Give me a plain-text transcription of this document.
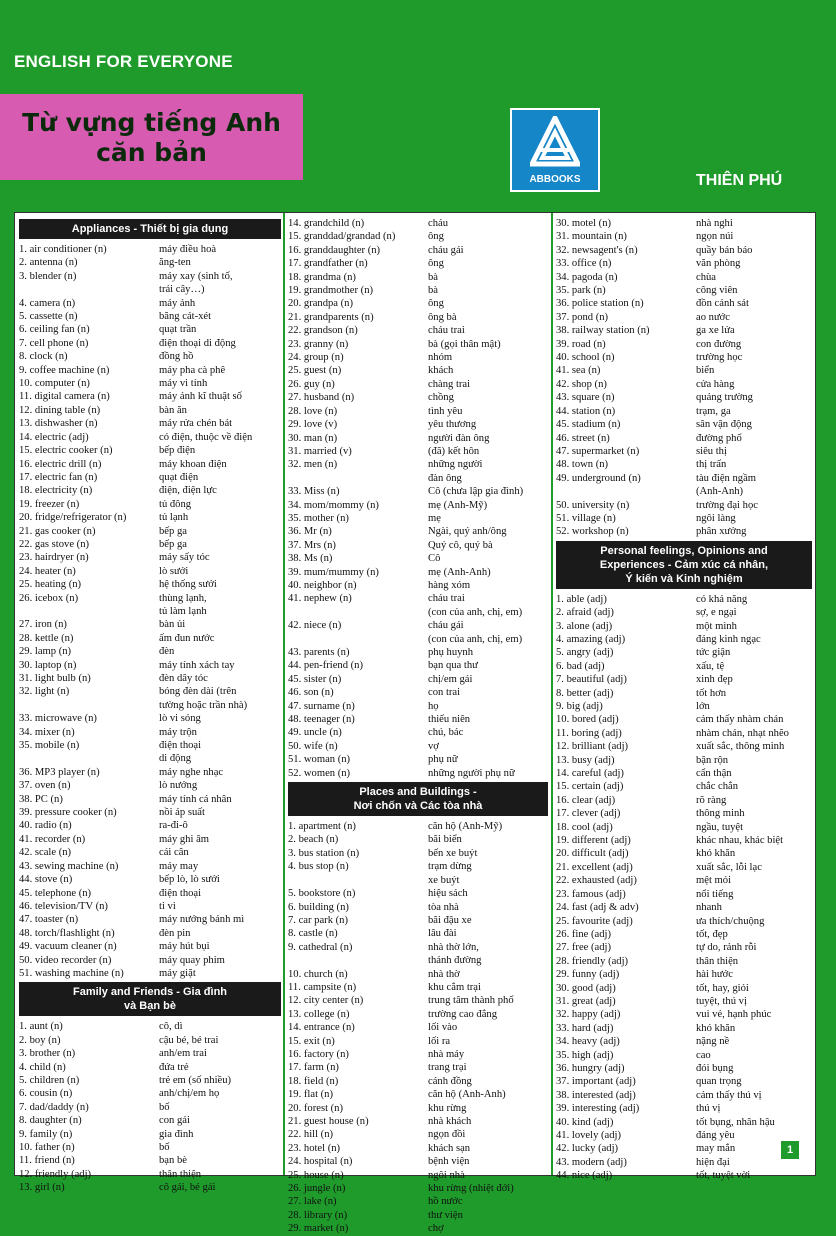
ENGLISH FOR EVERYONE
Từ vựng tiếng Anh
căn bản
ABBOOKS	THIÊN PHÚ
Appliances - Thiết bị gia dụng
1. air conditioner (n)	máy điều hoà
2. antenna (n)	ăng-ten
3. blender (n)	máy xay (sinh tố,
trái cây…)
4. camera (n)	máy ảnh
5. cassette (n)	băng cát-xét
6. ceiling fan (n)	quạt trần
7. cell phone (n)	điện thoại di động
8. clock (n)	đồng hồ
9. coffee machine (n)	máy pha cà phê
10. computer (n)	máy vi tính
11. digital camera (n)	máy ảnh kĩ thuật số
12. dining table (n)	bàn ăn
13. dishwasher (n)	máy rửa chén bát
14. electric (adj)	có điện, thuộc về điện
15. electric cooker (n)	bếp điện
16. electric drill (n)	máy khoan điện
17. electric fan (n)	quạt điện
18. electricity (n)	điện, điện lực
19. freezer (n)	tủ đông
20. fridge/refrigerator (n)	tủ lạnh
21. gas cooker (n)	bếp ga
22. gas stove (n)	bếp ga
23. hairdryer (n)	máy sấy tóc
24. heater (n)	lò sưởi
25. heating (n)	hệ thống sưởi
26. icebox (n)	thùng lạnh,
tủ làm lạnh
27. iron (n)	bàn ủi
28. kettle (n)	ấm đun nước
29. lamp (n)	đèn
30. laptop (n)	máy tính xách tay
31. light bulb (n)	đèn dây tóc
32. light (n)	bóng đèn dài (trên
tường hoặc trần nhà)
33. microwave (n)	lò vi sóng
34. mixer (n)	máy trộn
35. mobile (n)	điện thoại
di động
36. MP3 player (n)	máy nghe nhạc
37. oven (n)	lò nướng
38. PC (n)	máy tính cá nhân
39. pressure cooker (n)	nồi áp suất
40. radio (n)	ra-đi-ô
41. recorder (n)	máy ghi âm
42. scale (n)	cái cân
43. sewing machine (n)	máy may
44. stove (n)	bếp lò, lò sưởi
45. telephone (n)	điện thoại
46. television/TV (n)	ti vi
47. toaster (n)	máy nướng bánh mì
48. torch/flashlight (n)	đèn pin
49. vacuum cleaner (n)	máy hút bụi
50. video recorder (n)	máy quay phim
51. washing machine (n)	máy giặt
Family and Friends - Gia đình
và Bạn bè
1. aunt (n)	cô, dì
2. boy (n)	cậu bé, bé trai
3. brother (n)	anh/em trai
4. child (n)	đứa trẻ
5. children (n)	trẻ em (số nhiều)
6. cousin (n)	anh/chị/em họ
7. dad/daddy (n)	bố
8. daughter (n)	con gái
9. family (n)	gia đình
10. father (n)	bố
11. friend (n)	bạn bè
12. friendly (adj)	thân thiện
13. girl (n)	cô gái, bé gái
14. grandchild (n)	cháu
15. granddad/grandad (n)	ông
16. granddaughter (n)	cháu gái
17. grandfather (n)	ông
18. grandma (n)	bà
19. grandmother (n)	bà
20. grandpa (n)	ông
21. grandparents (n)	ông bà
22. grandson (n)	cháu trai
23. granny (n)	bà (gọi thân mật)
24. group (n)	nhóm
25. guest (n)	khách
26. guy (n)	chàng trai
27. husband (n)	chồng
28. love (n)	tình yêu
29. love (v)	yêu thương
30. man (n)	người đàn ông
31. married (v)	(đã) kết hôn
32. men (n)	những người
đàn ông
33. Miss (n)	Cô (chưa lập gia đình)
34. mom/mommy (n)	mẹ (Anh-Mỹ)
35. mother (n)	mẹ
36. Mr (n)	Ngài, quý anh/ông
37. Mrs (n)	Quý cô, quý bà
38. Ms (n)	Cô
39. mum/mummy (n)	mẹ (Anh-Anh)
40. neighbor (n)	hàng xóm
41. nephew (n)	cháu trai
(con của anh, chị, em)
42. niece (n)	cháu gái
(con của anh, chị, em)
43. parents (n)	phụ huynh
44. pen-friend (n)	bạn qua thư
45. sister (n)	chị/em gái
46. son (n)	con trai
47. surname (n)	họ
48. teenager (n)	thiếu niên
49. uncle (n)	chú, bác
50. wife (n)	vợ
51. woman (n)	phụ nữ
52. women (n)	những người phụ nữ
Places and Buildings -
Nơi chốn và Các tòa nhà
1. apartment (n)	căn hộ (Anh-Mỹ)
2. beach (n)	bãi biển
3. bus station (n)	bến xe buýt
4. bus stop (n)	trạm dừng
xe buýt
5. bookstore (n)	hiệu sách
6. building (n)	tòa nhà
7. car park (n)	bãi đậu xe
8. castle (n)	lâu đài
9. cathedral (n)	nhà thờ lớn,
thánh đường
10. church (n)	nhà thờ
11. campsite (n)	khu cắm trại
12. city center (n)	trung tâm thành phố
13. college (n)	trường cao đẳng
14. entrance (n)	lối vào
15. exit (n)	lối ra
16. factory (n)	nhà máy
17. farm (n)	trang trại
18. field (n)	cánh đồng
19. flat (n)	căn hộ (Anh-Anh)
20. forest (n)	khu rừng
21. guest house (n)	nhà khách
22. hill (n)	ngọn đồi
23. hotel (n)	khách sạn
24. hospital (n)	bệnh viện
25. house (n)	ngôi nhà
26. jungle (n)	khu rừng (nhiệt đới)
27. lake (n)	hồ nước
28. library (n)	thư viện
29. market (n)	chợ
30. motel (n)	nhà nghỉ
31. mountain (n)	ngọn núi
32. newsagent's (n)	quầy bán báo
33. office (n)	văn phòng
34. pagoda (n)	chùa
35. park (n)	công viên
36. police station (n)	đồn cảnh sát
37. pond (n)	ao nước
38. railway station (n)	ga xe lửa
39. road (n)	con đường
40. school (n)	trường học
41. sea (n)	biển
42. shop (n)	cửa hàng
43. square (n)	quảng trường
44. station (n)	trạm, ga
45. stadium (n)	sân vận động
46. street (n)	đường phố
47. supermarket (n)	siêu thị
48. town (n)	thị trấn
49. underground (n)	tàu điện ngầm
(Anh-Anh)
50. university (n)	trường đại học
51. village (n)	ngôi làng
52. workshop (n)	phân xưởng
Personal feelings, Opinions and
Experiences - Cảm xúc cá nhân,
Ý kiến và Kinh nghiệm
1. able (adj)	có khả năng
2. afraid (adj)	sợ, e ngại
3. alone (adj)	một mình
4. amazing (adj)	đáng kinh ngạc
5. angry (adj)	tức giận
6. bad (adj)	xấu, tệ
7. beautiful (adj)	xinh đẹp
8. better (adj)	tốt hơn
9. big (adj)	lớn
10. bored (adj)	cảm thấy nhàm chán
11. boring (adj)	nhàm chán, nhạt nhẽo
12. brilliant (adj)	xuất sắc, thông minh
13. busy (adj)	bận rộn
14. careful (adj)	cẩn thận
15. certain (adj)	chắc chắn
16. clear (adj)	rõ ràng
17. clever (adj)	thông minh
18. cool (adj)	ngầu, tuyệt
19. different (adj)	khác nhau, khác biệt
20. difficult (adj)	khó khăn
21. excellent (adj)	xuất sắc, lỗi lạc
22. exhausted (adj)	mệt mỏi
23. famous (adj)	nổi tiếng
24. fast (adj & adv)	nhanh
25. favourite (adj)	ưa thích/chuộng
26. fine (adj)	tốt, đẹp
27. free (adj)	tự do, rảnh rỗi
28. friendly (adj)	thân thiện
29. funny (adj)	hài hước
30. good (adj)	tốt, hay, giỏi
31. great (adj)	tuyệt, thú vị
32. happy (adj)	vui vẻ, hạnh phúc
33. hard (adj)	khó khăn
34. heavy (adj)	nặng nề
35. high (adj)	cao
36. hungry (adj)	đói bụng
37. important (adj)	quan trọng
38. interested (adj)	cảm thấy thú vị
39. interesting (adj)	thú vị
40. kind (adj)	tốt bụng, nhân hậu
41. lovely (adj)	đáng yêu
42. lucky (adj)	may mắn
43. modern (adj)	hiện đại
44. nice (adj)	tốt, tuyệt vời
1
